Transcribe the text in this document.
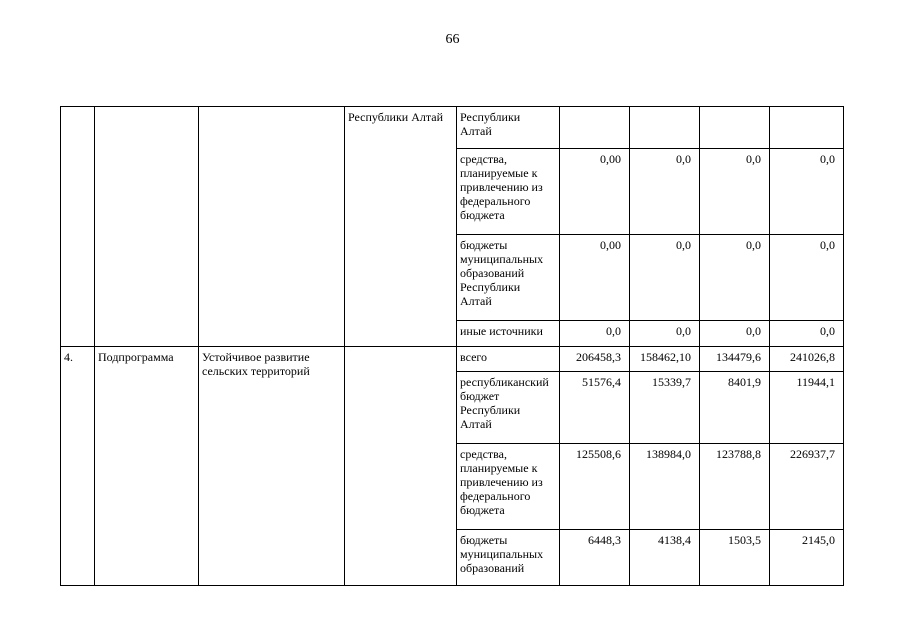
66
			Республики Алтай	Республики
Алтай				

				средства,
планируемые к
привлечению из
федерального
бюджета	0,00	0,0	0,0	0,0

				бюджеты
муниципальных
образований
Республики
Алтай	0,00	0,0	0,0	0,0

				иные источники	0,0	0,0	0,0	0,0
4.	Подпрограмма	Устойчивое развитие
сельских территорий		всего	206458,3	158462,10	134479,6	241026,8

				республиканский
бюджет
Республики
Алтай	51576,4	15339,7	8401,9	11944,1

				средства,
планируемые к
привлечению из
федерального
бюджета	125508,6	138984,0	123788,8	226937,7

				бюджеты
муниципальных
образований	6448,3	4138,4	1503,5	2145,0
